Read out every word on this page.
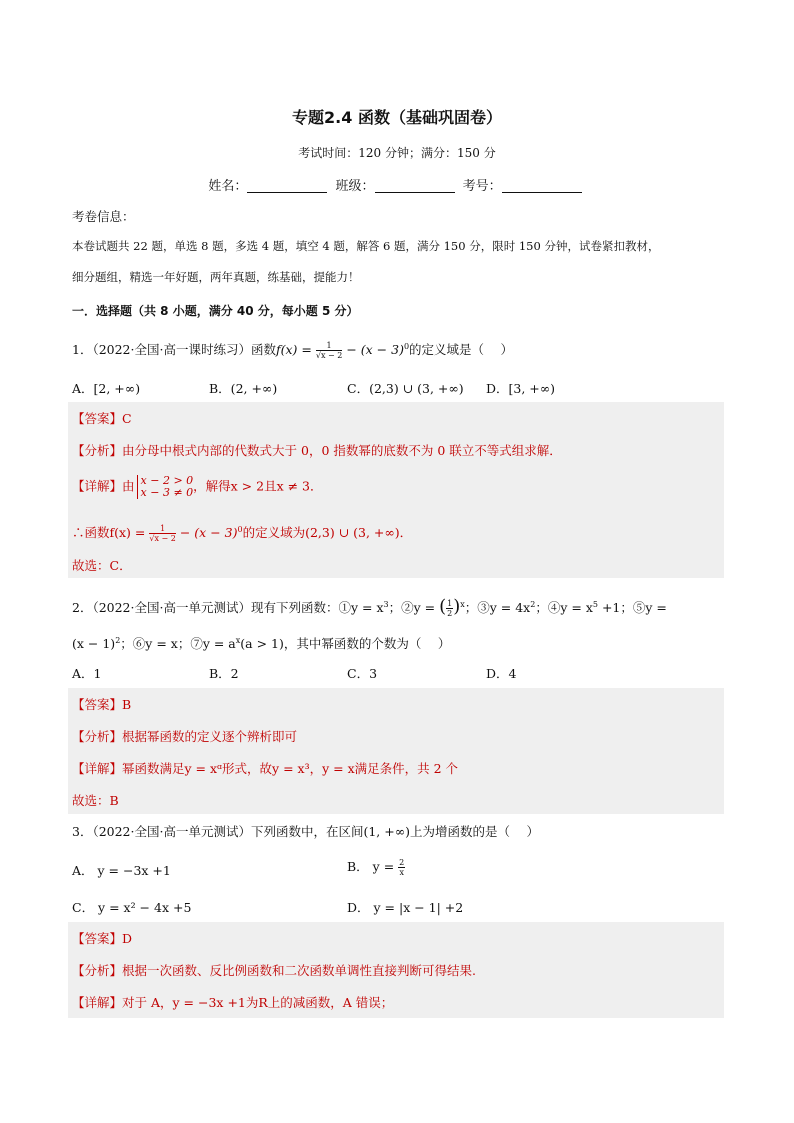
专题2.4 函数（基础巩固卷）
考试时间：120 分钟；满分：150 分
姓名：	班级：	考号：
考卷信息：
本卷试题共 22 题，单选 8 题，多选 4 题，填空 4 题，解答 6 题，满分 150 分，限时 150 分钟，试卷紧扣教材，
细分题组，精选一年好题，两年真题，练基础，提能力！
一．选择题（共 8 小题，满分 40 分，每小题 5 分）
1．（2022·全国·高一课时练习）函数$f(x) = \frac{1}{√x - 2} - (x - 3)^0$的定义域是（　 ）
A．[2, +∞)	B．(2, +∞)	C．(2,3) ∪ (3, +∞) D．[3, +∞)
【答案】C
【分析】由分母中根式内部的代数式大于 0，0 指数幂的底数不为 0 联立不等式组求解．
【详解】由 x − 2 > 0
x − 3 ≠ 0 ，解得x > 2且x ≠ 3．
∴函数$f(x) = \frac{1}{√x - 2} - (x - 3)^0$的定义域为(2,3) ∪ (3, +∞)．
故选：C．
2．（2022·全国·高一单元测试）现有下列函数：①y = $x^3$；②y = ( $\frac{1}{2} )^x$；③y = $4x^2$；④y = $x^5 +1$；⑤y =
$(x - 1)^2$；⑥y = x；⑦y = $a^x(a > 1)$，其中幂函数的个数为（　 ）
A．1	B．2	C．3	D．4
【答案】B
【分析】根据幂函数的定义逐个辨析即可
【详解】幂函数满足y = xᵅ形式，故y = x³，y = x满足条件，共 2 个
故选：B
3．（2022·全国·高一单元测试）下列函数中，在区间(1, +∞)上为增函数的是（　 ）
A． y = −3x +1	B． $y = \frac{2}{x}$
C． y = x² − 4x +5	D． y = |x − 1| +2
【答案】D
【分析】根据一次函数、反比例函数和二次函数单调性直接判断可得结果.
【详解】对于 A，y = −3x +1为R上的减函数，A 错误；
